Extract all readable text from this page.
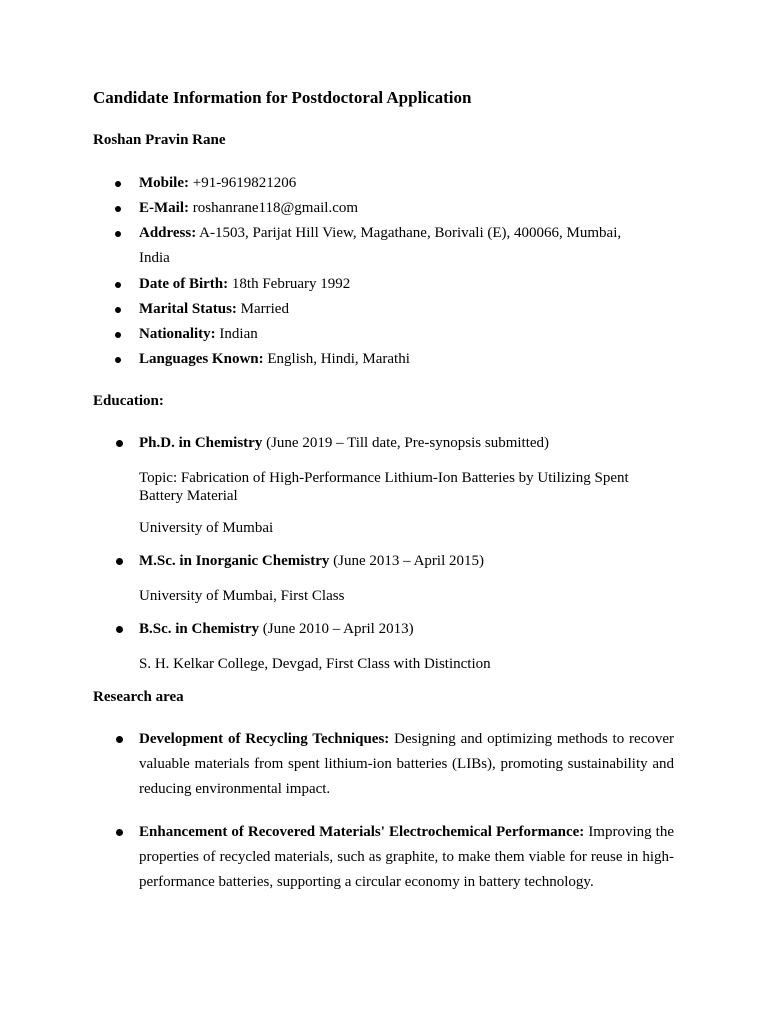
Candidate Information for Postdoctoral Application
Roshan Pravin Rane
Mobile: +91-9619821206
E-Mail: roshanrane118@gmail.com
Address: A-1503, Parijat Hill View, Magathane, Borivali (E), 400066, Mumbai, India
Date of Birth: 18th February 1992
Marital Status: Married
Nationality: Indian
Languages Known: English, Hindi, Marathi
Education:
Ph.D. in Chemistry (June 2019 – Till date, Pre-synopsis submitted)
Topic: Fabrication of High-Performance Lithium-Ion Batteries by Utilizing Spent Battery Material
University of Mumbai
M.Sc. in Inorganic Chemistry (June 2013 – April 2015)
University of Mumbai, First Class
B.Sc. in Chemistry (June 2010 – April 2013)
S. H. Kelkar College, Devgad, First Class with Distinction
Research area
Development of Recycling Techniques: Designing and optimizing methods to recover valuable materials from spent lithium-ion batteries (LIBs), promoting sustainability and reducing environmental impact.
Enhancement of Recovered Materials' Electrochemical Performance: Improving the properties of recycled materials, such as graphite, to make them viable for reuse in high-performance batteries, supporting a circular economy in battery technology.
